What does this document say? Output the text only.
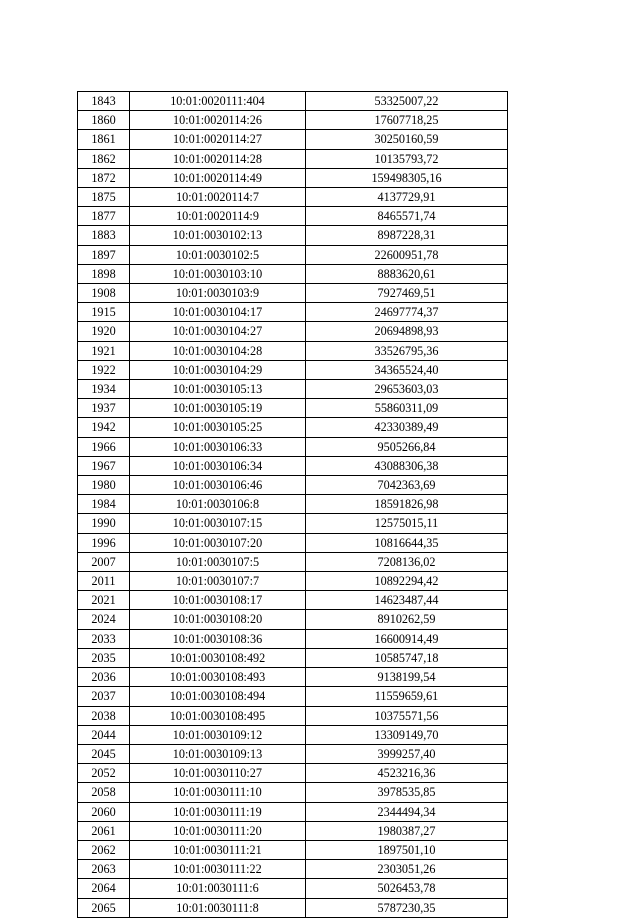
1843	10:01:0020111:404	53325007,22
1860	10:01:0020114:26	17607718,25
1861	10:01:0020114:27	30250160,59
1862	10:01:0020114:28	10135793,72
1872	10:01:0020114:49	159498305,16
1875	10:01:0020114:7	4137729,91
1877	10:01:0020114:9	8465571,74
1883	10:01:0030102:13	8987228,31
1897	10:01:0030102:5	22600951,78
1898	10:01:0030103:10	8883620,61
1908	10:01:0030103:9	7927469,51
1915	10:01:0030104:17	24697774,37
1920	10:01:0030104:27	20694898,93
1921	10:01:0030104:28	33526795,36
1922	10:01:0030104:29	34365524,40
1934	10:01:0030105:13	29653603,03
1937	10:01:0030105:19	55860311,09
1942	10:01:0030105:25	42330389,49
1966	10:01:0030106:33	9505266,84
1967	10:01:0030106:34	43088306,38
1980	10:01:0030106:46	7042363,69
1984	10:01:0030106:8	18591826,98
1990	10:01:0030107:15	12575015,11
1996	10:01:0030107:20	10816644,35
2007	10:01:0030107:5	7208136,02
2011	10:01:0030107:7	10892294,42
2021	10:01:0030108:17	14623487,44
2024	10:01:0030108:20	8910262,59
2033	10:01:0030108:36	16600914,49
2035	10:01:0030108:492	10585747,18
2036	10:01:0030108:493	9138199,54
2037	10:01:0030108:494	11559659,61
2038	10:01:0030108:495	10375571,56
2044	10:01:0030109:12	13309149,70
2045	10:01:0030109:13	3999257,40
2052	10:01:0030110:27	4523216,36
2058	10:01:0030111:10	3978535,85
2060	10:01:0030111:19	2344494,34
2061	10:01:0030111:20	1980387,27
2062	10:01:0030111:21	1897501,10
2063	10:01:0030111:22	2303051,26
2064	10:01:0030111:6	5026453,78
2065	10:01:0030111:8	5787230,35
